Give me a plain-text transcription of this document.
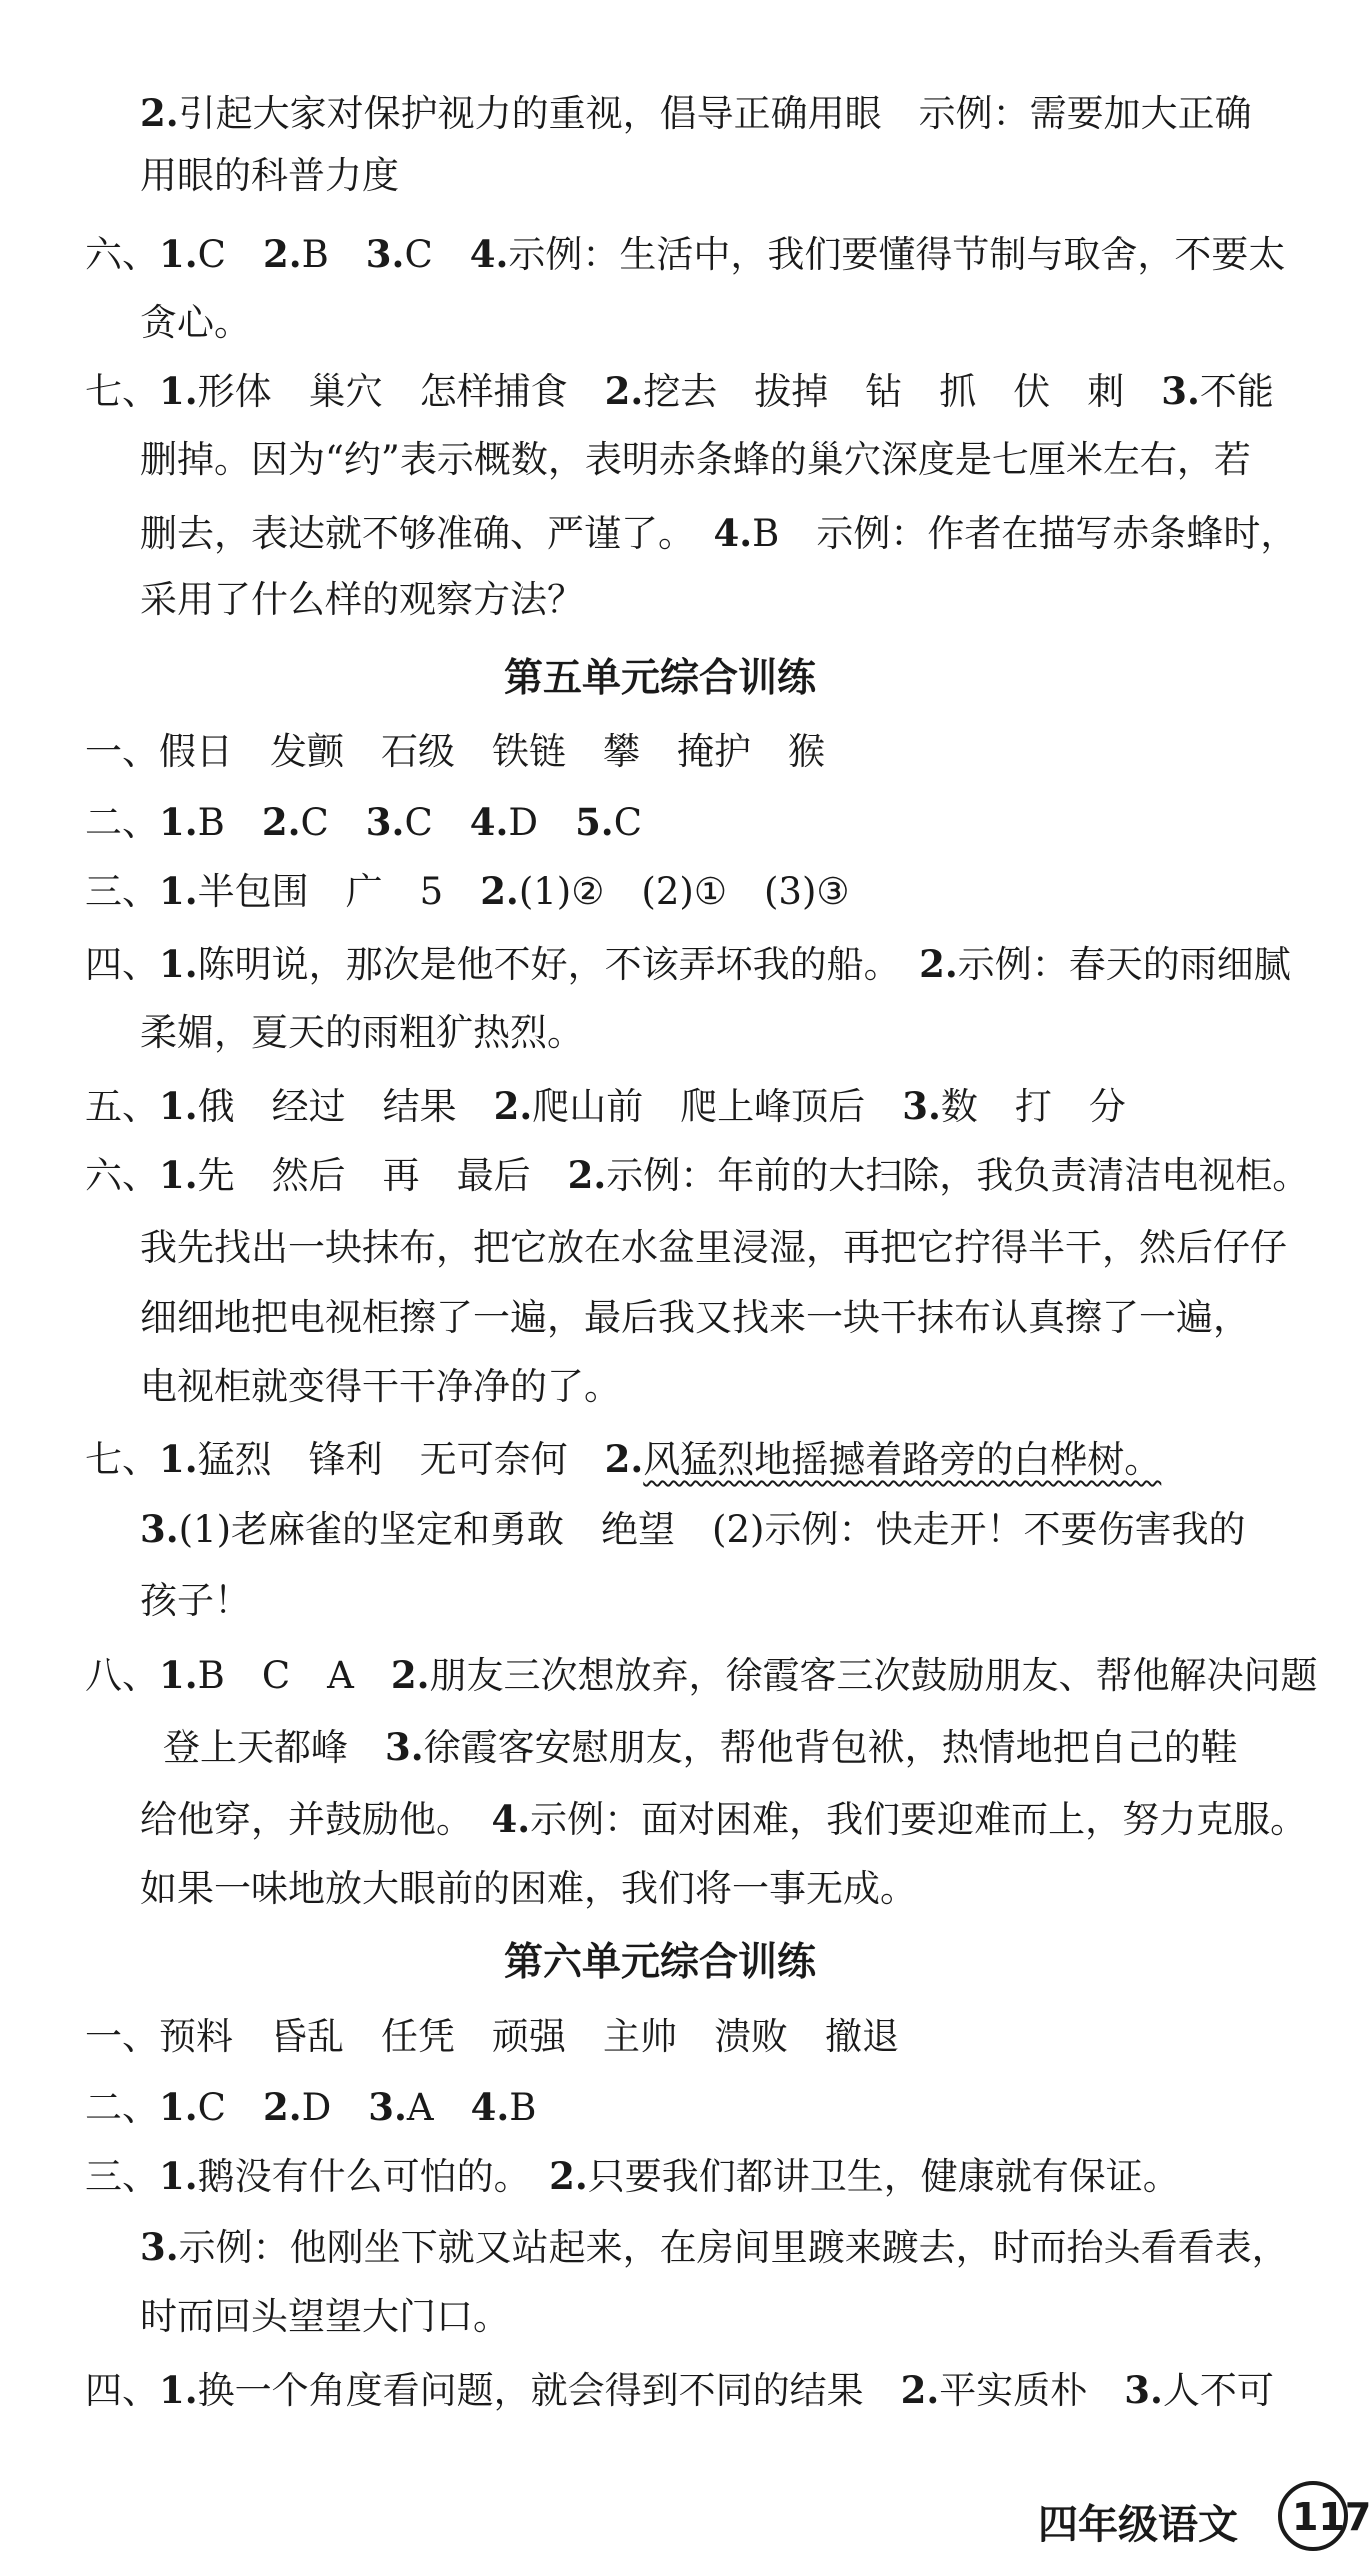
2.引起大家对保护视力的重视，倡导正确用眼　示例：需要加大正确
用眼的科普力度
六、1.C　2.B　3.C　4.示例：生活中，我们要懂得节制与取舍，不要太
贪心。
七、1.形体　巢穴　怎样捕食　2.挖去　拔掉　钻　抓　伏　刺　3.不能
删掉。因为“约”表示概数，表明赤条蜂的巢穴深度是七厘米左右，若
删去，表达就不够准确、严谨了。　4.B　示例：作者在描写赤条蜂时，
采用了什么样的观察方法？
一、假日　发颤　石级　铁链　攀　掩护　猴
二、1.B　2.C　3.C　4.D　5.C
三、1.半包围　广　5　2.(1)②　(2)①　(3)③
四、1.陈明说，那次是他不好，不该弄坏我的船。　2.示例：春天的雨细腻
柔媚，夏天的雨粗犷热烈。
五、1.俄　经过　结果　2.爬山前　爬上峰顶后　3.数　打　分
六、1.先　然后　再　最后　2.示例：年前的大扫除，我负责清洁电视柜。
我先找出一块抹布，把它放在水盆里浸湿，再把它拧得半干，然后仔仔
细细地把电视柜擦了一遍，最后我又找来一块干抹布认真擦了一遍，
电视柜就变得干干净净的了。
七、1.猛烈　锋利　无可奈何　2.风猛烈地摇撼着路旁的白桦树。
3.(1)老麻雀的坚定和勇敢　绝望　(2)示例：快走开！不要伤害我的
孩子！
八、1.B　C　A　2.朋友三次想放弃，徐霞客三次鼓励朋友、帮他解决问题
登上天都峰　3.徐霞客安慰朋友，帮他背包袱，热情地把自己的鞋
给他穿，并鼓励他。　4.示例：面对困难，我们要迎难而上，努力克服。
如果一味地放大眼前的困难，我们将一事无成。
一、预料　昏乱　任凭　顽强　主帅　溃败　撤退
二、1.C　2.D　3.A　4.B
三、1.鹅没有什么可怕的。　2.只要我们都讲卫生，健康就有保证。
3.示例：他刚坐下就又站起来，在房间里踱来踱去，时而抬头看看表，
时而回头望望大门口。
四、1.换一个角度看问题，就会得到不同的结果　2.平实质朴　3.人不可
第五单元综合训练
第六单元综合训练
四年级语文 117
